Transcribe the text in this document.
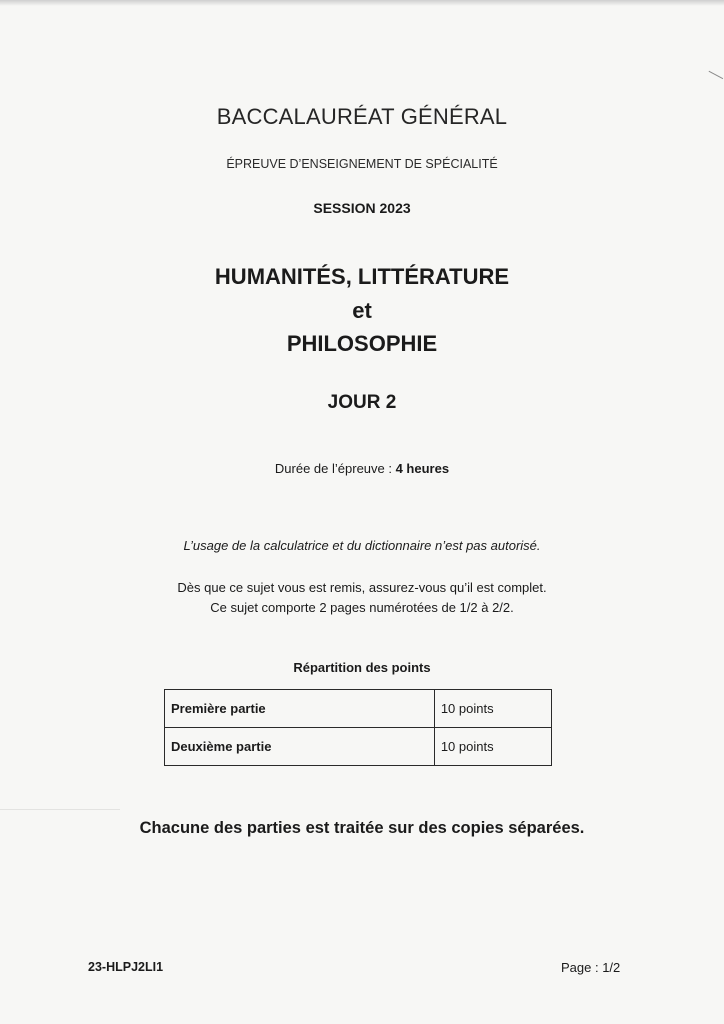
BACCALAURÉAT GÉNÉRAL
ÉPREUVE D’ENSEIGNEMENT DE SPÉCIALITÉ
SESSION 2023
HUMANITÉS, LITTÉRATURE
et
PHILOSOPHIE
JOUR 2
Durée de l’épreuve : 4 heures
L’usage de la calculatrice et du dictionnaire n’est pas autorisé.
Dès que ce sujet vous est remis, assurez-vous qu’il est complet.
Ce sujet comporte 2 pages numérotées de 1/2 à 2/2.
Répartition des points
Première partie	10 points
Deuxième partie	10 points
Chacune des parties est traitée sur des copies séparées.
23-HLPJ2LI1	Page : 1/2
